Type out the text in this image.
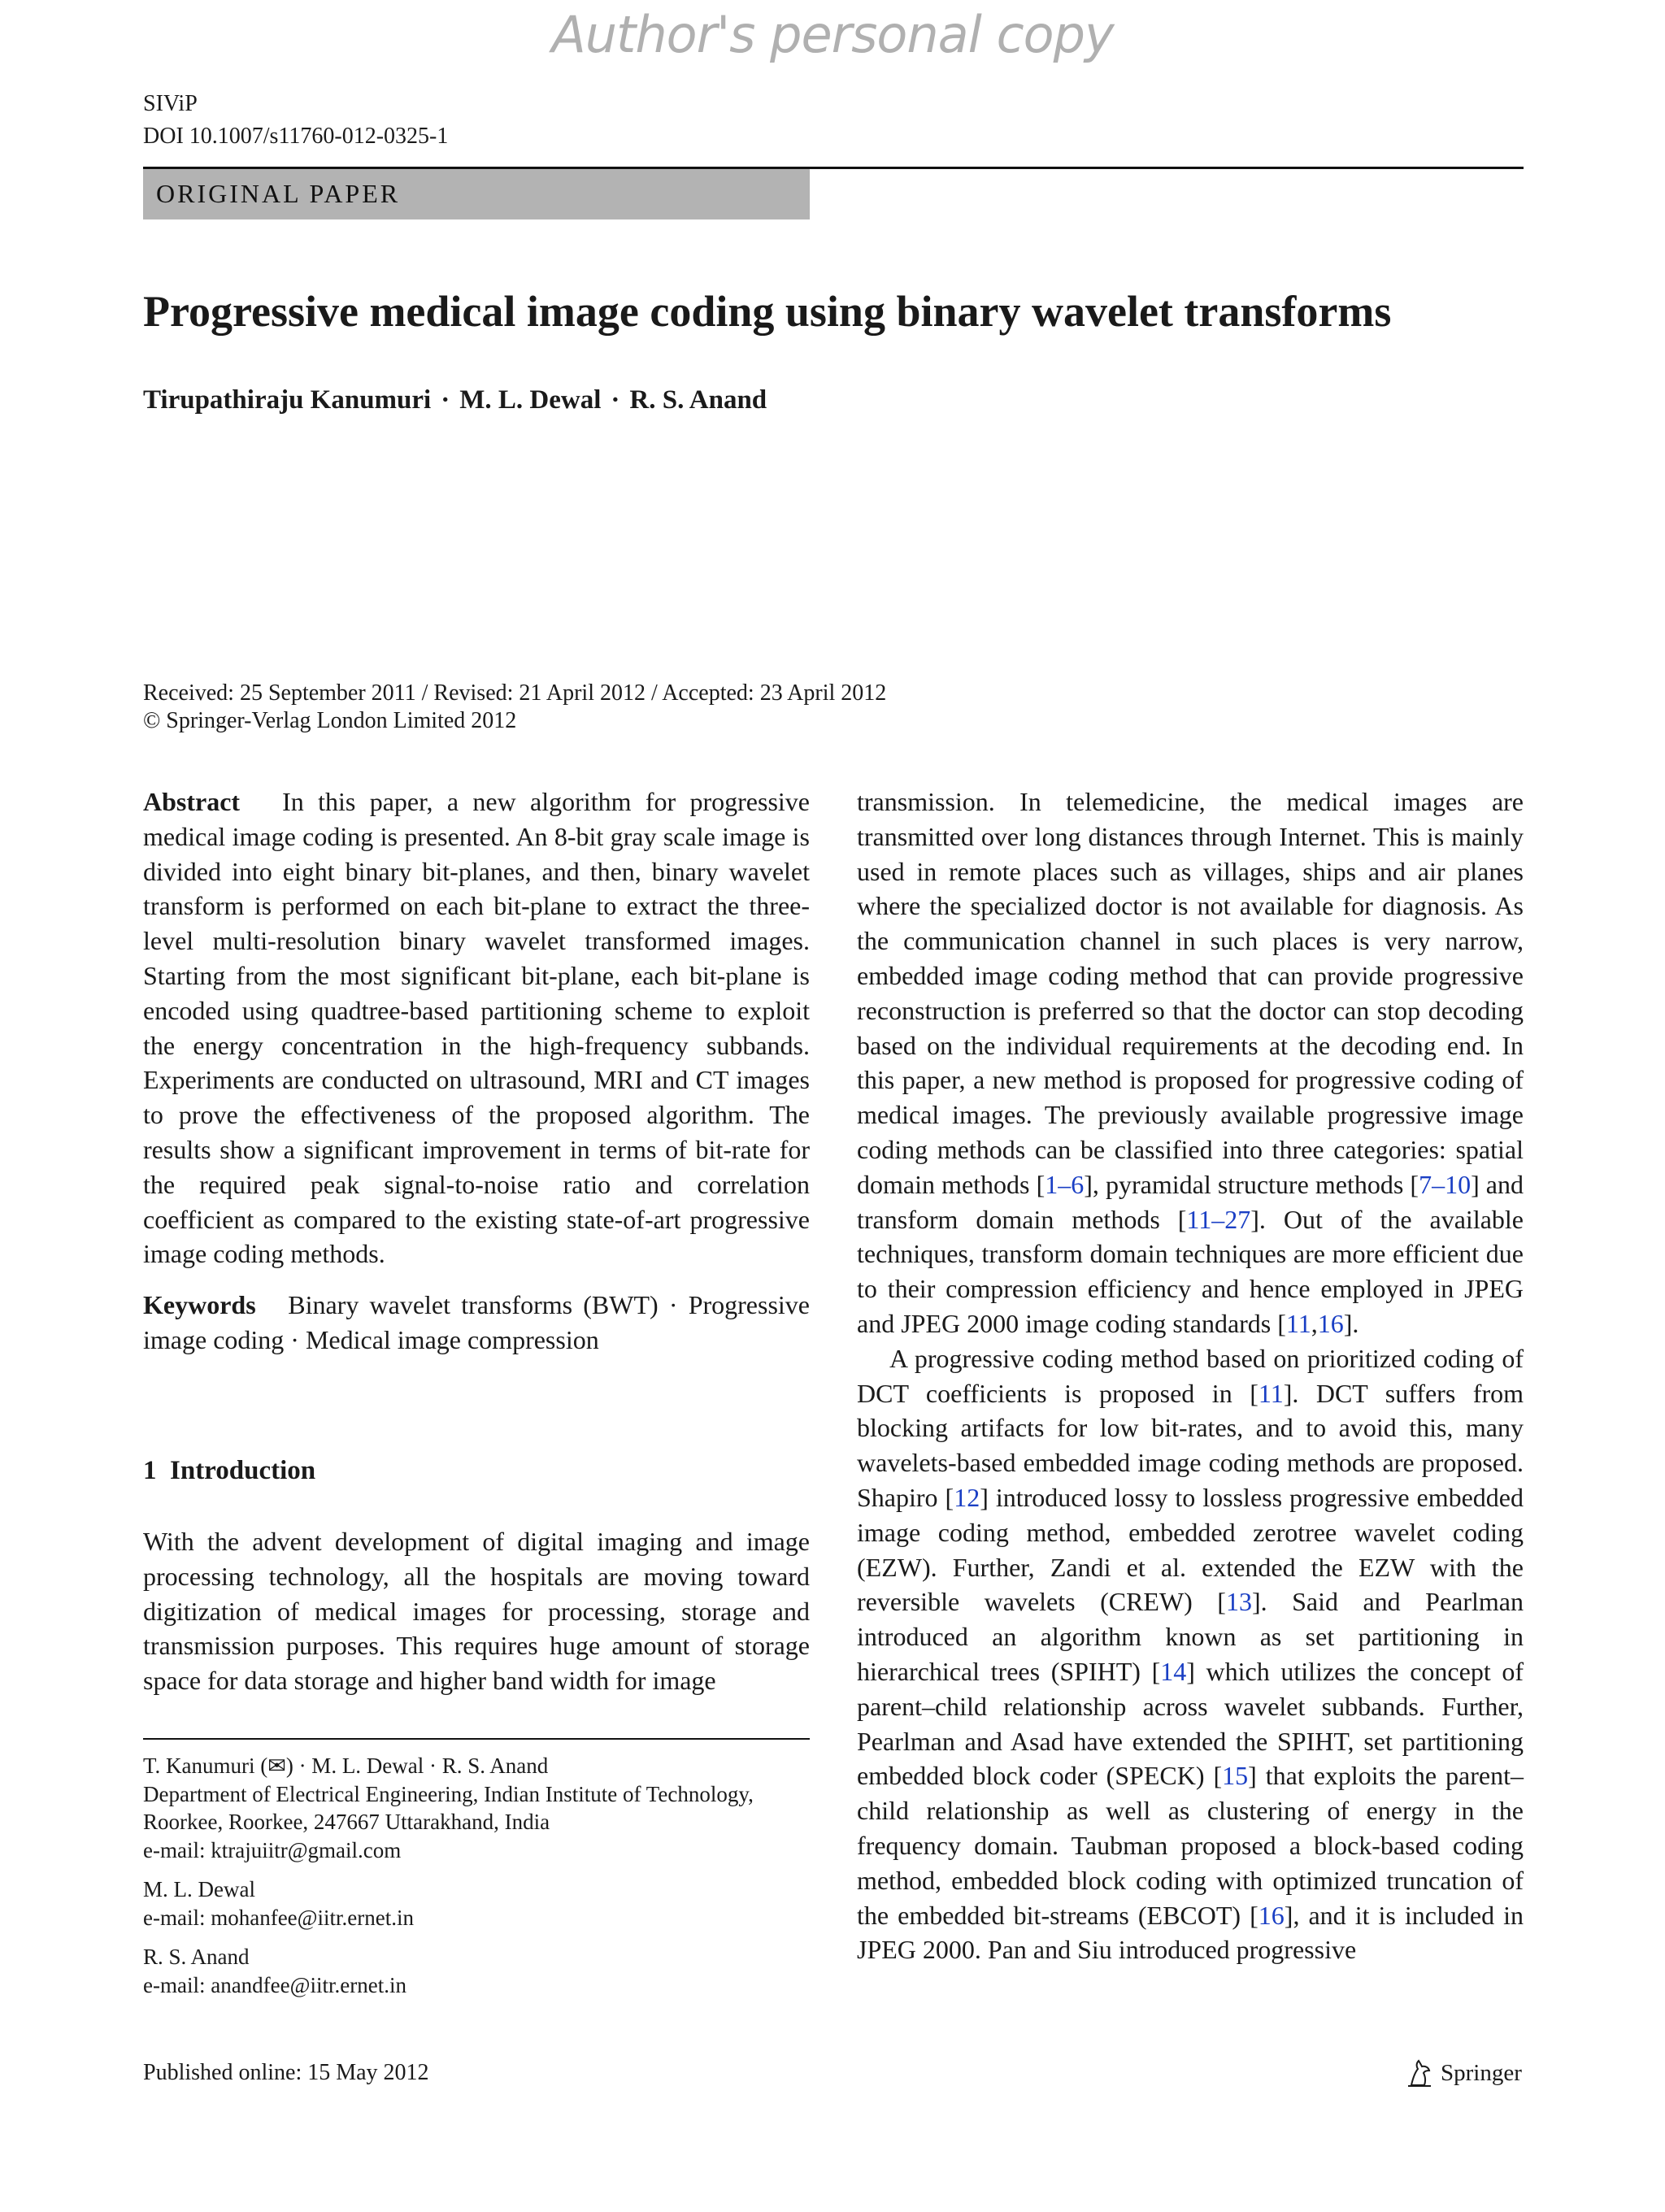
Author's personal copy
SIViP
DOI 10.1007/s11760-012-0325-1
ORIGINAL PAPER
Progressive medical image coding using binary wavelet transforms
Tirupathiraju Kanumuri · M. L. Dewal · R. S. Anand
Received: 25 September 2011 / Revised: 21 April 2012 / Accepted: 23 April 2012
© Springer-Verlag London Limited 2012

Abstract In this paper, a new algorithm for progressive medical image coding is presented. An 8-bit gray scale image is divided into eight binary bit-planes, and then, binary wavelet transform is performed on each bit-plane to extract the three-level multi-resolution binary wavelet transformed images. Starting from the most significant bit-plane, each bit-plane is encoded using quadtree-based partitioning scheme to exploit the energy concentration in the high-frequency subbands. Experiments are conducted on ultrasound, MRI and CT images to prove the effectiveness of the proposed algorithm. The results show a significant improvement in terms of bit-rate for the required peak signal-to-noise ratio and correlation coefficient as compared to the existing state-of-art progressive image coding methods.

Keywords Binary wavelet transforms (BWT) · Progressive image coding · Medical image compression

1 Introduction
With the advent development of digital imaging and image processing technology, all the hospitals are moving toward digitization of medical images for processing, storage and transmission purposes. This requires huge amount of storage space for data storage and higher band width for image

T. Kanumuri (✉) · M. L. Dewal · R. S. Anand
Department of Electrical Engineering, Indian Institute of Technology, Roorkee, Roorkee, 247667 Uttarakhand, India
e-mail: ktrajuiitr@gmail.com

M. L. Dewal
e-mail: mohanfee@iitr.ernet.in

R. S. Anand
e-mail: anandfee@iitr.ernet.in

transmission. In telemedicine, the medical images are transmitted over long distances through Internet. This is mainly used in remote places such as villages, ships and air planes where the specialized doctor is not available for diagnosis. As the communication channel in such places is very narrow, embedded image coding method that can provide progressive reconstruction is preferred so that the doctor can stop decoding based on the individual requirements at the decoding end. In this paper, a new method is proposed for progressive coding of medical images. The previously available progressive image coding methods can be classified into three categories: spatial domain methods [1–6], pyramidal structure methods [7–10] and transform domain methods [11–27]. Out of the available techniques, transform domain techniques are more efficient due to their compression efficiency and hence employed in JPEG and JPEG 2000 image coding standards [11,16].

A progressive coding method based on prioritized coding of DCT coefficients is proposed in [11]. DCT suffers from blocking artifacts for low bit-rates, and to avoid this, many wavelets-based embedded image coding methods are proposed. Shapiro [12] introduced lossy to lossless progressive embedded image coding method, embedded zerotree wavelet coding (EZW). Further, Zandi et al. extended the EZW with the reversible wavelets (CREW) [13]. Said and Pearlman introduced an algorithm known as set partitioning in hierarchical trees (SPIHT) [14] which utilizes the concept of parent–child relationship across wavelet subbands. Further, Pearlman and Asad have extended the SPIHT, set partitioning embedded block coder (SPECK) [15] that exploits the parent–child relationship as well as clustering of energy in the frequency domain. Taubman proposed a block-based coding method, embedded block coding with optimized truncation of the embedded bit-streams (EBCOT) [16], and it is included in JPEG 2000. Pan and Siu introduced progressive

Published online: 15 May 2012	Springer
